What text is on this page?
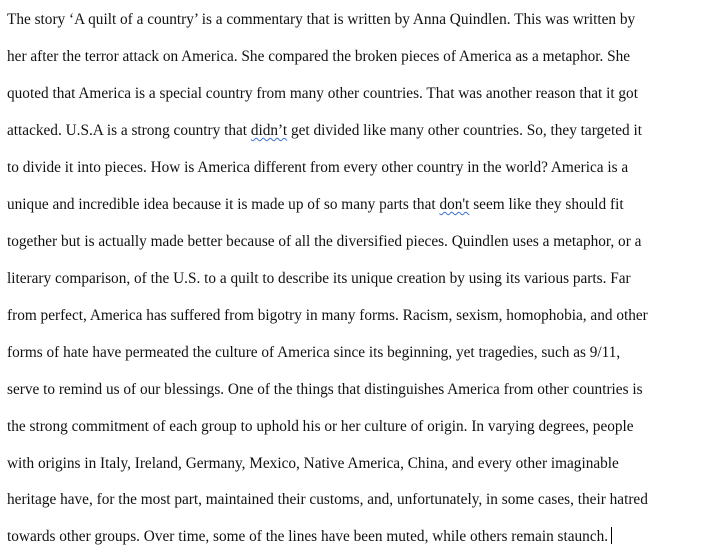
The story ‘A quilt of a country’ is a commentary that is written by Anna Quindlen. This was written by
her after the terror attack on America. She compared the broken pieces of America as a metaphor. She
quoted that America is a special country from many other countries. That was another reason that it got
attacked. U.S.A is a strong country that didn’t get divided like many other countries. So, they targeted it
to divide it into pieces. How is America different from every other country in the world? America is a
unique and incredible idea because it is made up of so many parts that don't seem like they should fit
together but is actually made better because of all the diversified pieces. Quindlen uses a metaphor, or a
literary comparison, of the U.S. to a quilt to describe its unique creation by using its various parts. Far
from perfect, America has suffered from bigotry in many forms. Racism, sexism, homophobia, and other
forms of hate have permeated the culture of America since its beginning, yet tragedies, such as 9/11,
serve to remind us of our blessings. One of the things that distinguishes America from other countries is
the strong commitment of each group to uphold his or her culture of origin. In varying degrees, people
with origins in Italy, Ireland, Germany, Mexico, Native America, China, and every other imaginable
heritage have, for the most part, maintained their customs, and, unfortunately, in some cases, their hatred
towards other groups. Over time, some of the lines have been muted, while others remain staunch.
